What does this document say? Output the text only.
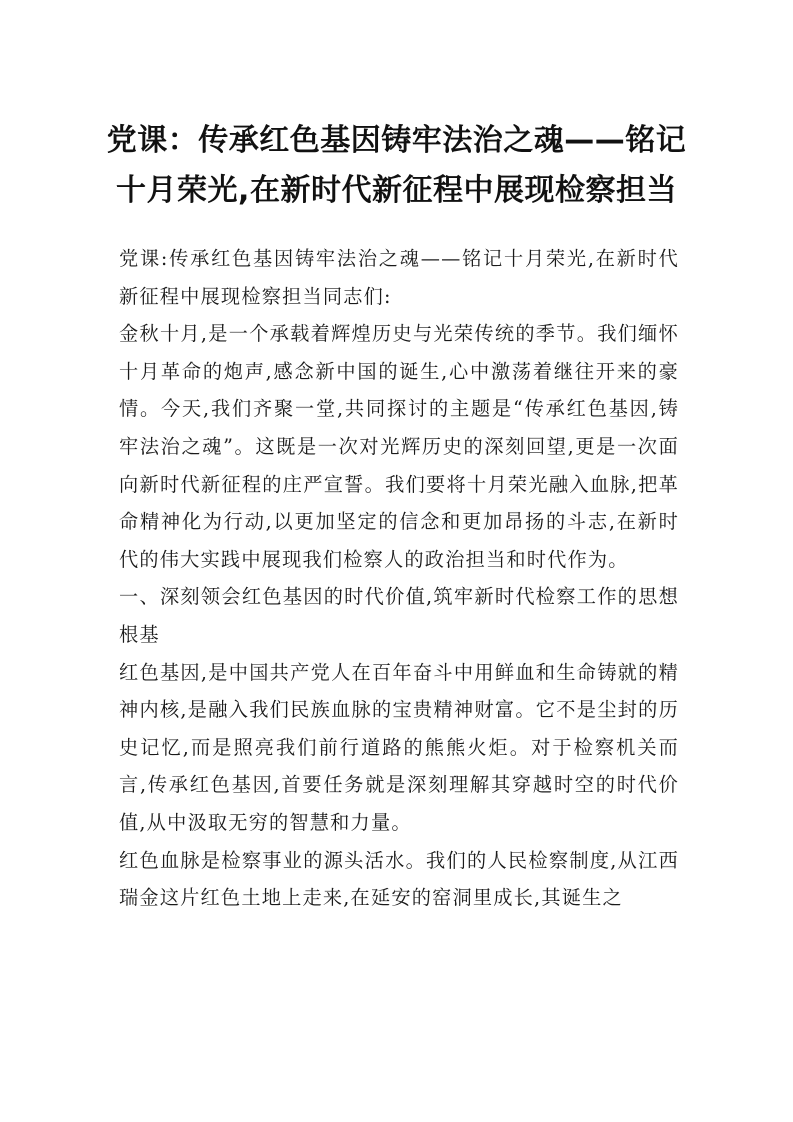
党课：传承红色基因铸牢法治之魂——铭记十月荣光,在新时代新征程中展现检察担当

党课:传承红色基因铸牢法治之魂——铭记十月荣光,在新时代新征程中展现检察担当同志们:

金秋十月,是一个承载着辉煌历史与光荣传统的季节。我们缅怀十月革命的炮声,感念新中国的诞生,心中激荡着继往开来的豪情。今天,我们齐聚一堂,共同探讨的主题是“传承红色基因,铸牢法治之魂”。这既是一次对光辉历史的深刻回望,更是一次面向新时代新征程的庄严宣誓。我们要将十月荣光融入血脉,把革命精神化为行动,以更加坚定的信念和更加昂扬的斗志,在新时代的伟大实践中展现我们检察人的政治担当和时代作为。

一、深刻领会红色基因的时代价值,筑牢新时代检察工作的思想根基

红色基因,是中国共产党人在百年奋斗中用鲜血和生命铸就的精神内核,是融入我们民族血脉的宝贵精神财富。它不是尘封的历史记忆,而是照亮我们前行道路的熊熊火炬。对于检察机关而言,传承红色基因,首要任务就是深刻理解其穿越时空的时代价值,从中汲取无穷的智慧和力量。

红色血脉是检察事业的源头活水。我们的人民检察制度,从江西瑞金这片红色土地上走来,在延安的窑洞里成长,其诞生之
